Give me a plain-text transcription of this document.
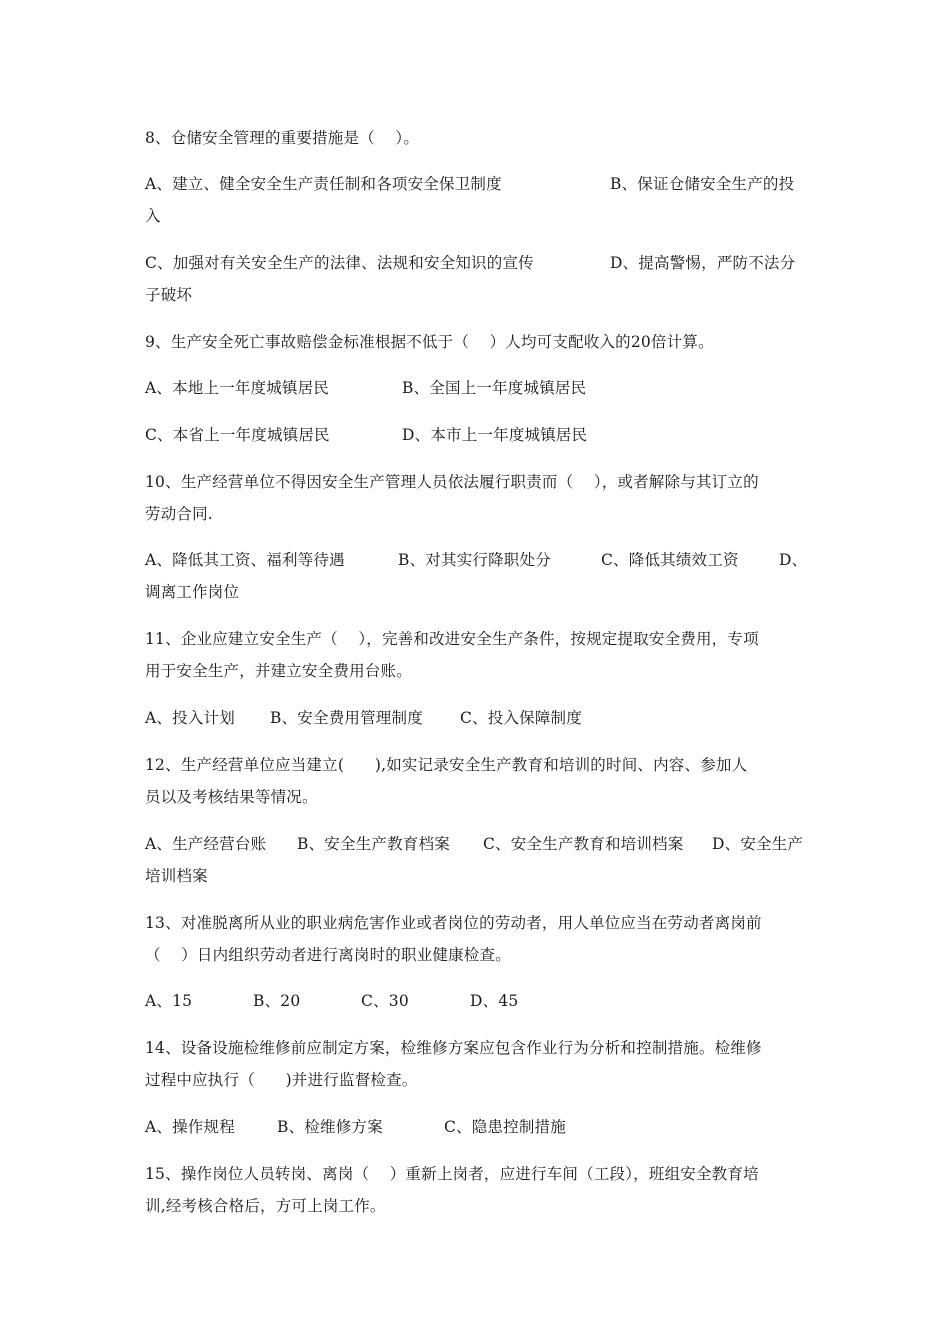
8、仓储安全管理的重要措施是（    ）。
A、建立、健全安全生产责任制和各项安全保卫制度	B、保证仓储安全生产的投
入
C、加强对有关安全生产的法律、法规和安全知识的宣传	D、提高警惕，严防不法分
子破坏
9、生产安全死亡事故赔偿金标准根据不低于（    ）人均可支配收入的20倍计算。
A、本地上一年度城镇居民	B、全国上一年度城镇居民
C、本省上一年度城镇居民	D、本市上一年度城镇居民
10、生产经营单位不得因安全生产管理人员依法履行职责而（    ），或者解除与其订立的
劳动合同.
A、降低其工资、福利等待遇	B、对其实行降职处分	C、降低其绩效工资	D、
调离工作岗位
11、企业应建立安全生产（    ），完善和改进安全生产条件，按规定提取安全费用，专项
用于安全生产，并建立安全费用台账。
A、投入计划 B、安全费用管理制度 C、投入保障制度
12、生产经营单位应当建立(      ),如实记录安全生产教育和培训的时间、内容、参加人
员以及考核结果等情况。
A、生产经营台账 B、安全生产教育档案 C、安全生产教育和培训档案 D、安全生产
培训档案
13、对准脱离所从业的职业病危害作业或者岗位的劳动者，用人单位应当在劳动者离岗前
（    ）日内组织劳动者进行离岗时的职业健康检查。
A、15	B、20	C、30	D、45
14、设备设施检维修前应制定方案，检维修方案应包含作业行为分析和控制措施。检维修
过程中应执行（      )并进行监督检查。
A、操作规程	B、检维修方案	C、隐患控制措施
15、操作岗位人员转岗、离岗（    ）重新上岗者，应进行车间（工段），班组安全教育培
训,经考核合格后，方可上岗工作。
